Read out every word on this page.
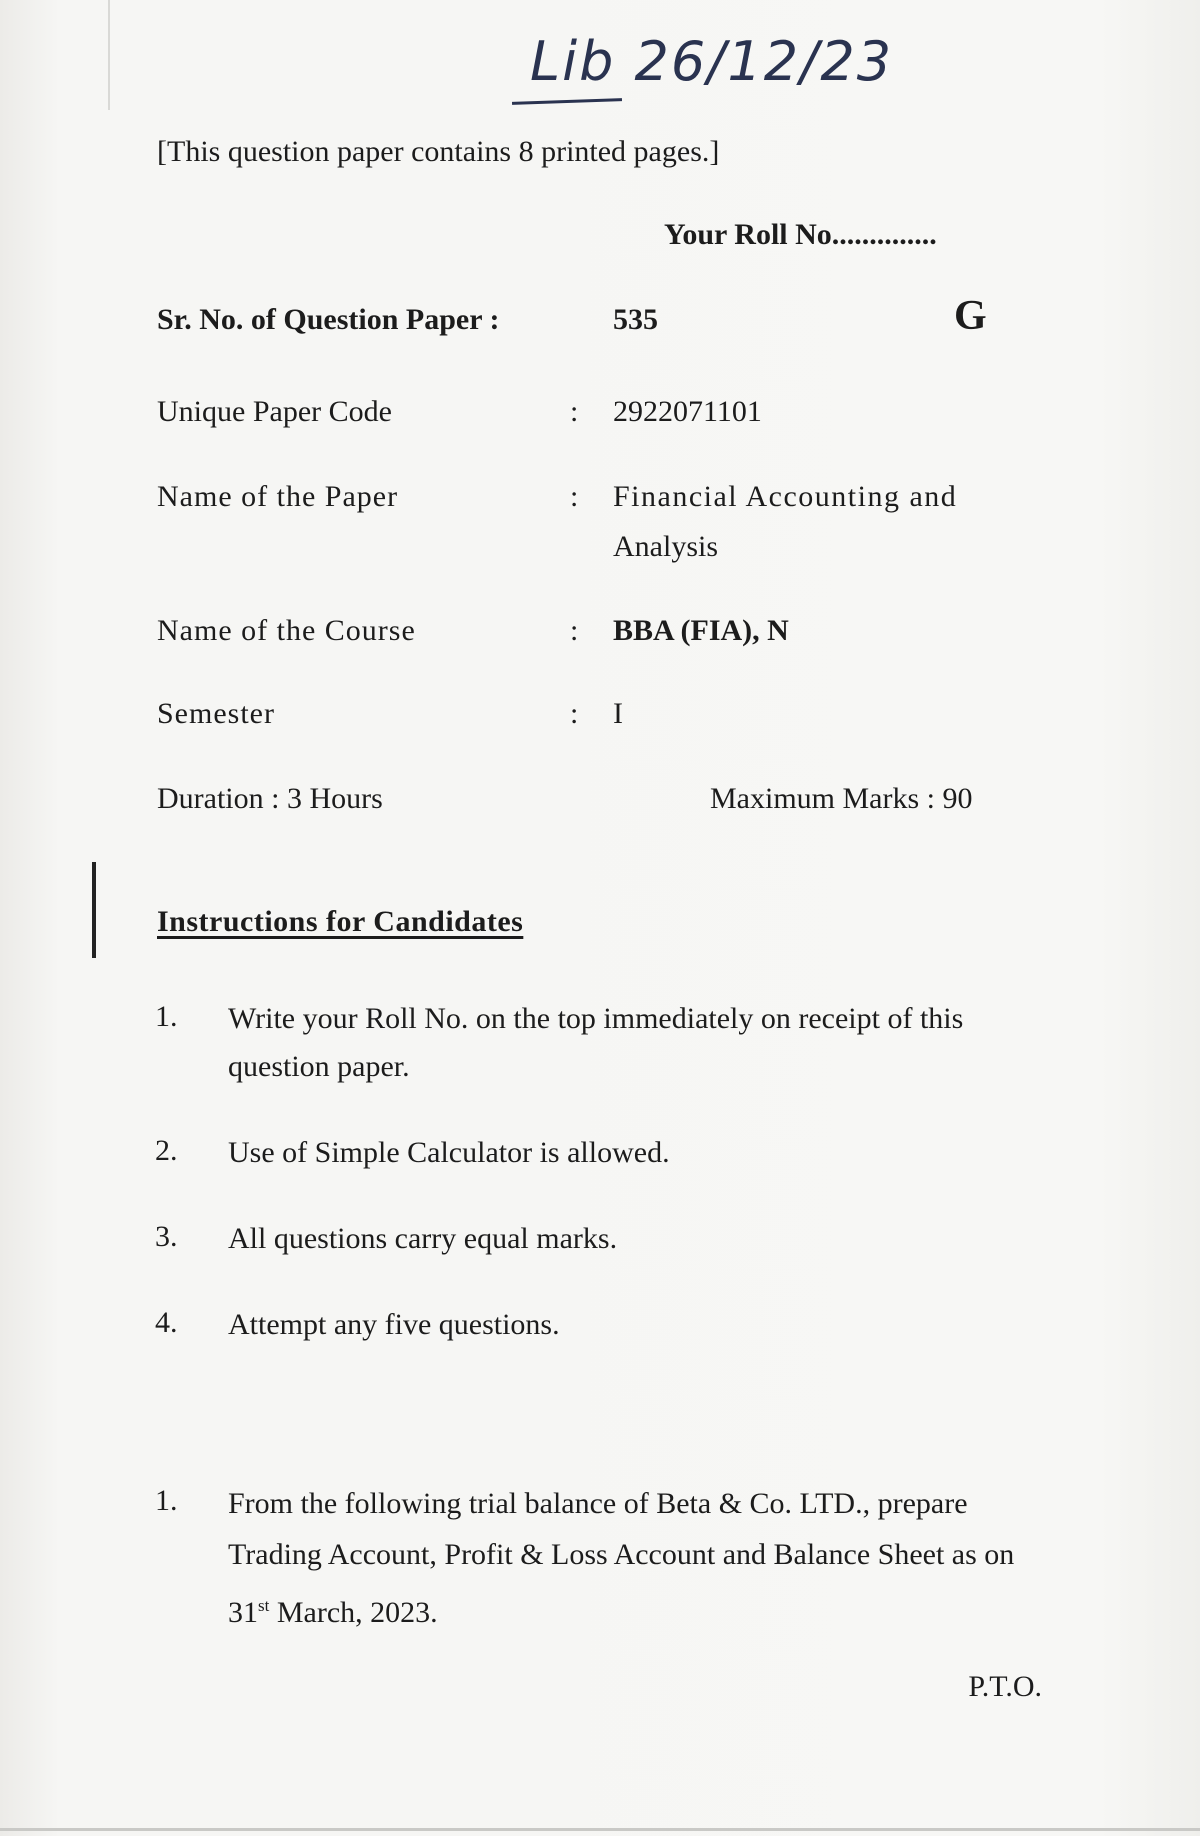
Lib 26/12/23
[This question paper contains 8 printed pages.]
Your Roll No..............
Sr. No. of Question Paper :	535	G
Unique Paper Code	: 2922071101
Name of the Paper	: Financial Accounting and
Analysis
Name of the Course	: BBA (FIA), N
Semester	: I
Duration : 3 Hours	Maximum Marks : 90
Instructions for Candidates
1. Write your Roll No. on the top immediately on receipt of this question paper.
2. Use of Simple Calculator is allowed.
3. All questions carry equal marks.
4. Attempt any five questions.
1. From the following trial balance of Beta & Co. LTD., prepare Trading Account, Profit & Loss Account and Balance Sheet as on 31st March, 2023.
P.T.O.
